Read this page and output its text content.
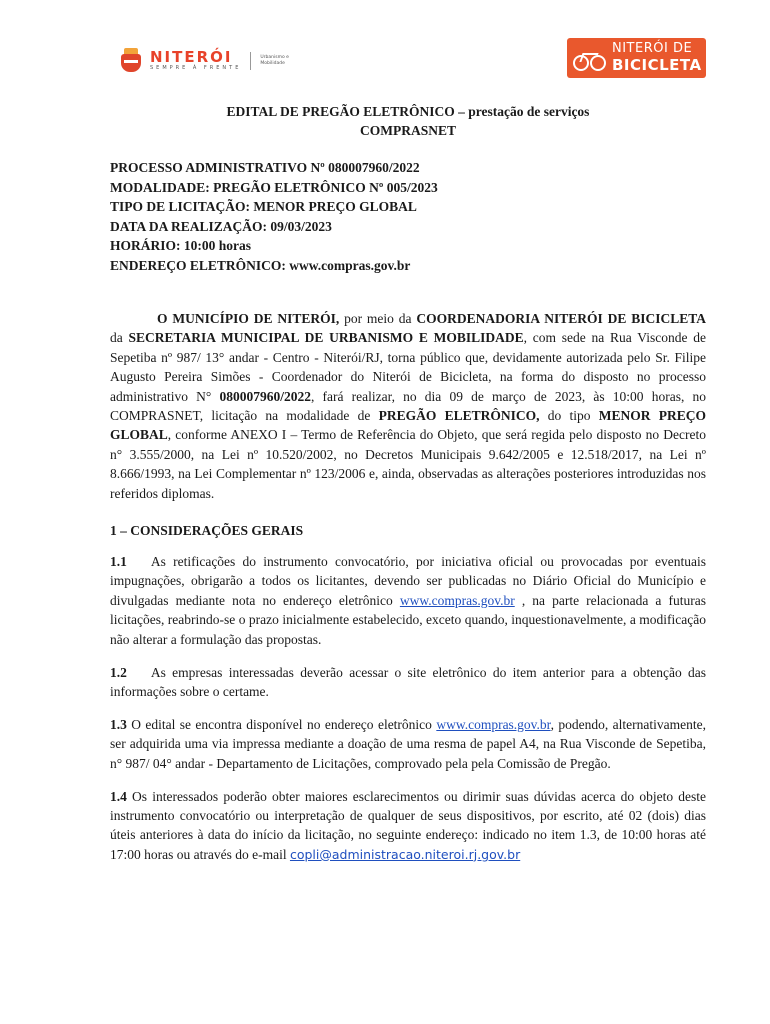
NITERÓI
SEMPRE À FRENTE
Urbanismo e Mobilidade
NITERÓI DE
BICICLETA
EDITAL DE PREGÃO ELETRÔNICO – prestação de serviços
COMPRASNET
PROCESSO ADMINISTRATIVO Nº 080007960/2022
MODALIDADE: PREGÃO ELETRÔNICO Nº 005/2023
TIPO DE LICITAÇÃO: MENOR PREÇO GLOBAL
DATA DA REALIZAÇÃO: 09/03/2023
HORÁRIO: 10:00 horas
ENDEREÇO ELETRÔNICO: www.compras.gov.br

O MUNICÍPIO DE NITERÓI, por meio da COORDENADORIA NITERÓI DE BICICLETA da SECRETARIA MUNICIPAL DE URBANISMO E MOBILIDADE, com sede na Rua Visconde de Sepetiba nº 987/ 13° andar - Centro - Niterói/RJ, torna público que, devidamente autorizada pelo Sr. Filipe Augusto Pereira Simões - Coordenador do Niterói de Bicicleta, na forma do disposto no processo administrativo N° 080007960/2022, fará realizar, no dia 09 de março de 2023, às 10:00 horas, no COMPRASNET, licitação na modalidade de PREGÃO ELETRÔNICO, do tipo MENOR PREÇO GLOBAL, conforme ANEXO I – Termo de Referência do Objeto, que será regida pelo disposto no Decreto n° 3.555/2000, na Lei nº 10.520/2002, no Decretos Municipais 9.642/2005 e 12.518/2017, na Lei nº 8.666/1993, na Lei Complementar nº 123/2006 e, ainda, observadas as alterações posteriores introduzidas nos referidos diplomas.

1 – CONSIDERAÇÕES GERAIS

1.1 As retificações do instrumento convocatório, por iniciativa oficial ou provocadas por eventuais impugnações, obrigarão a todos os licitantes, devendo ser publicadas no Diário Oficial do Município e divulgadas mediante nota no endereço eletrônico www.compras.gov.br , na parte relacionada a futuras licitações, reabrindo-se o prazo inicialmente estabelecido, exceto quando, inquestionavelmente, a modificação não alterar a formulação das propostas.

1.2 As empresas interessadas deverão acessar o site eletrônico do item anterior para a obtenção das informações sobre o certame.

1.3 O edital se encontra disponível no endereço eletrônico www.compras.gov.br, podendo, alternativamente, ser adquirida uma via impressa mediante a doação de uma resma de papel A4, na Rua Visconde de Sepetiba, n° 987/ 04° andar - Departamento de Licitações, comprovado pela pela Comissão de Pregão.

1.4 Os interessados poderão obter maiores esclarecimentos ou dirimir suas dúvidas acerca do objeto deste instrumento convocatório ou interpretação de qualquer de seus dispositivos, por escrito, até 02 (dois) dias úteis anteriores à data do início da licitação, no seguinte endereço: indicado no item 1.3, de 10:00 horas até 17:00 horas ou através do e-mail copli@administracao.niteroi.rj.gov.br
